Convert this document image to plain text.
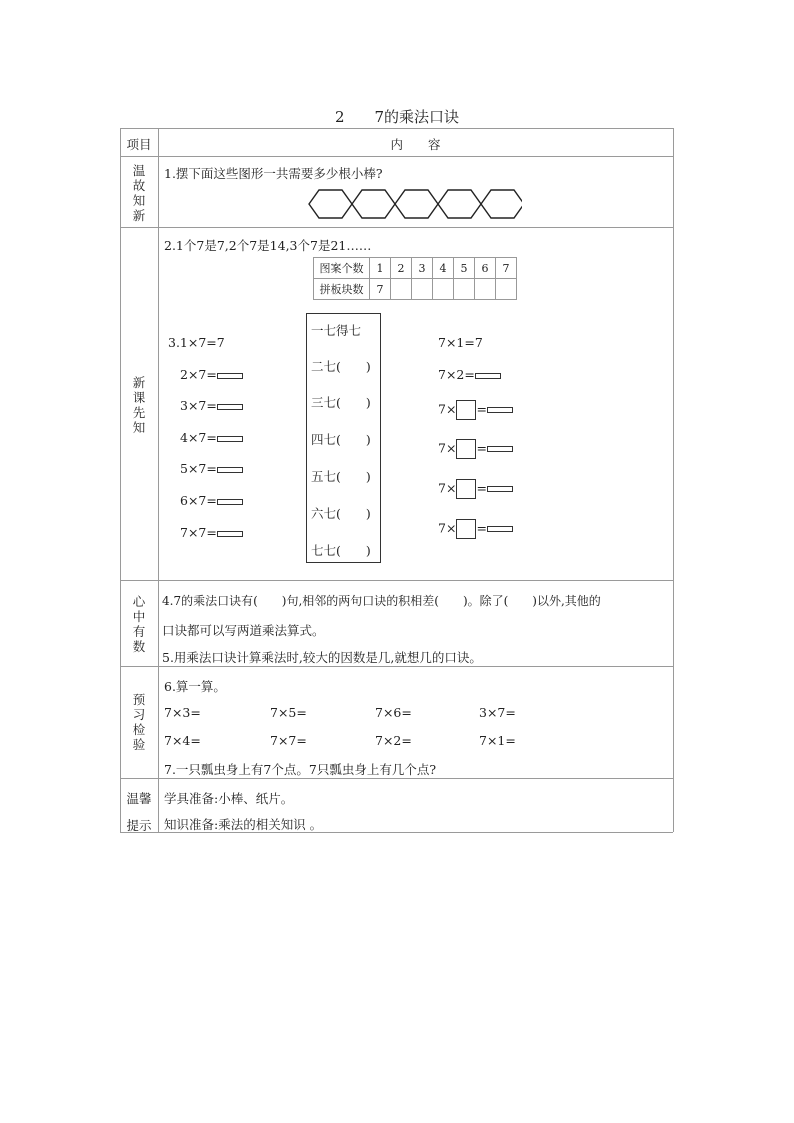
2　　7的乘法口诀
项目	内　　容
温
故
知
新
1.摆下面这些图形一共需要多少根小棒?
新
课
先
知
2.1个7是7,2个7是14,3个7是21……
图案个数	1	2	3	4	5	6	7
拼板块数	7						
3.1×7=7
2×7=
3×7=
4×7=
5×7=
6×7=
7×7=
一七得七
二七(　　)
三七(　　)
四七(　　)
五七(　　)
六七(　　)
七七(　　)
7×1=7
7×2=
7× =
7× =
7× =
7× =
心
中
有
数
4.7的乘法口诀有(　　)句,相邻的两句口诀的积相差(　　)。除了(　　)以外,其他的
口诀都可以写两道乘法算式。
5.用乘法口诀计算乘法时,较大的因数是几,就想几的口诀。
预
习
检
验
6.算一算。
7×3=	7×5=	7×6=	3×7=
7×4=	7×7=	7×2=	7×1=
7.一只瓢虫身上有7个点。7只瓢虫身上有几个点?
温馨
提示
学具准备:小棒、纸片。
知识准备:乘法的相关知识 。
